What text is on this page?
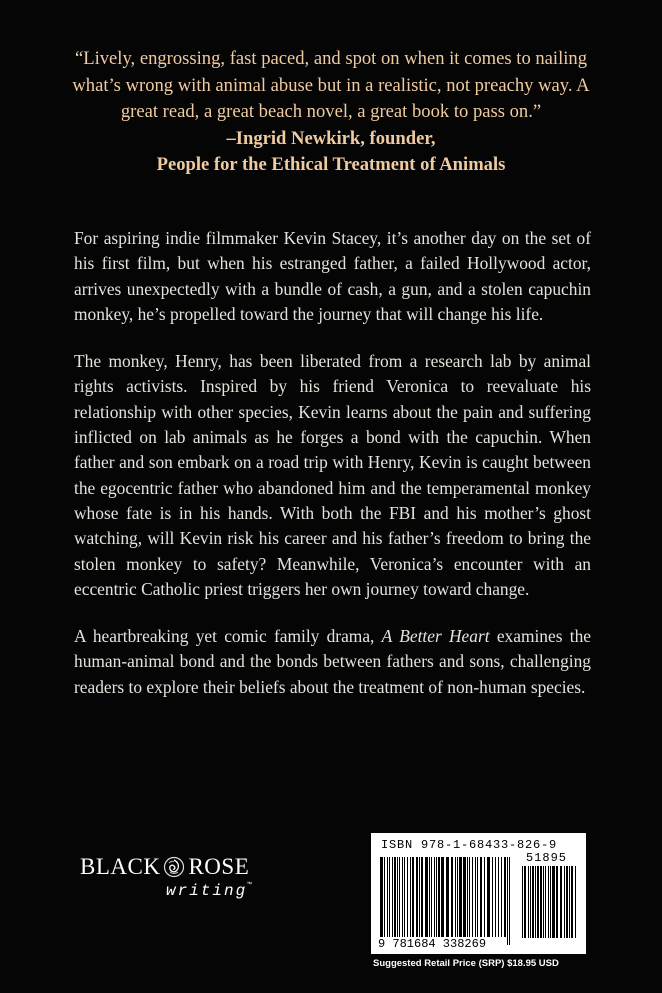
“Lively, engrossing, fast paced, and spot on when it comes to nailing

what’s wrong with animal abuse but in a realistic, not preachy way. A

great read, a great beach novel, a great book to pass on.”

–Ingrid Newkirk, founder,

People for the Ethical Treatment of Animals

For aspiring indie filmmaker Kevin Stacey, it’s another day on the set of his first film, but when his estranged father, a failed Hollywood actor, arrives unexpectedly with a bundle of cash, a gun, and a stolen capuchin monkey, he’s propelled toward the journey that will change his life.

The monkey, Henry, has been liberated from a research lab by animal rights activists. Inspired by his friend Veronica to reevaluate his relationship with other species, Kevin learns about the pain and suffering inflicted on lab animals as he forges a bond with the capuchin. When father and son embark on a road trip with Henry, Kevin is caught between the egocentric father who abandoned him and the temperamental monkey whose fate is in his hands. With both the FBI and his mother’s ghost watching, will Kevin risk his career and his father’s freedom to bring the stolen monkey to safety? Meanwhile, Veronica’s encounter with an eccentric Catholic priest triggers her own journey toward change.

A heartbreaking yet comic family drama, A Better Heart examines the human-animal bond and the bonds between fathers and sons, challenging readers to explore their beliefs about the treatment of non-human species.

BLACK ROSE
writing™
ISBN 978-1-68433-826-9
51895
9 781684 338269
Suggested Retail Price (SRP) $18.95 USD
